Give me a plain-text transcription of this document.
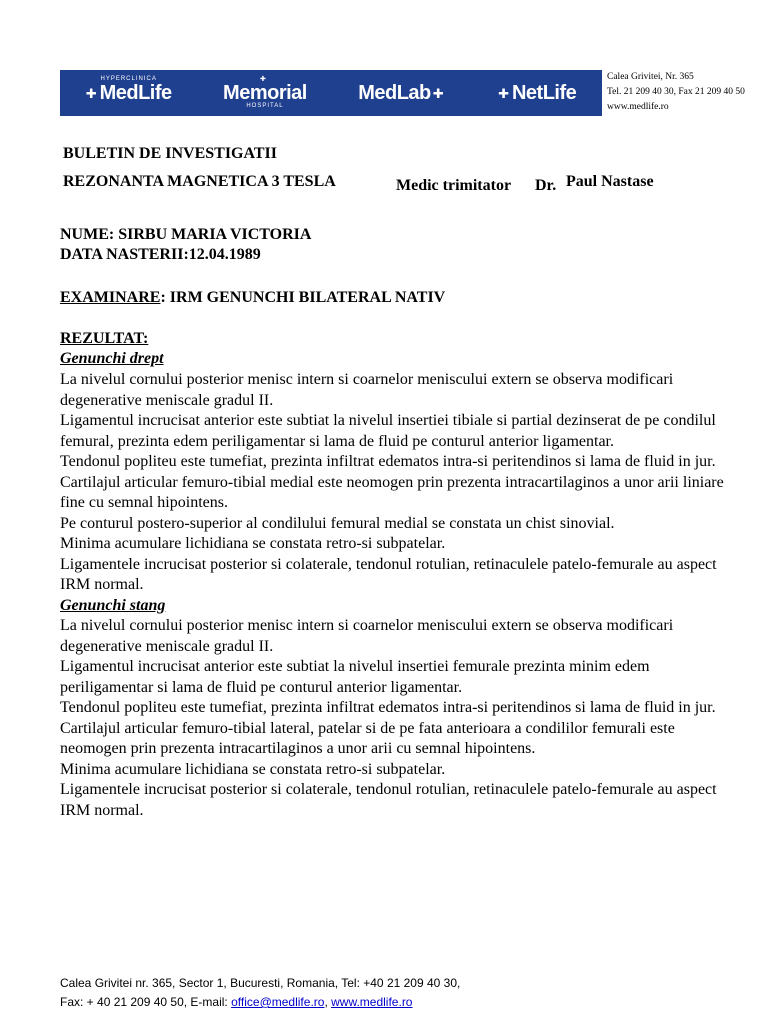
HYPERCLINICA
✚ MedLife
✚
Memorial
HOSPITAL
MedLab ✚	✚ NetLife
Calea Grivitei, Nr. 365
Tel. 21 209 40 30, Fax 21 209 40 50
www.medlife.ro
BULETIN DE INVESTIGATII
REZONANTA MAGNETICA 3 TESLA	Medic trimitator Dr. Paul Nastase
NUME: SIRBU MARIA VICTORIA
DATA NASTERII:12.04.1989
EXAMINARE: IRM GENUNCHI BILATERAL NATIV
REZULTAT:
Genunchi drept

La nivelul cornului posterior menisc intern si coarnelor meniscului extern se observa modificari degenerative meniscale gradul II.

Ligamentul incrucisat anterior este subtiat la nivelul insertiei tibiale si partial dezinserat de pe condilul femural, prezinta edem periligamentar si lama de fluid pe conturul anterior ligamentar.

Tendonul popliteu este tumefiat, prezinta infiltrat edematos intra-si peritendinos si lama de fluid in jur.

Cartilajul articular femuro-tibial medial este neomogen prin prezenta intracartilaginos a unor arii liniare fine cu semnal hipointens.

Pe conturul postero-superior al condilului femural medial se constata un chist sinovial.

Minima acumulare lichidiana se constata retro-si subpatelar.

Ligamentele incrucisat posterior si colaterale, tendonul rotulian, retinaculele patelo-femurale au aspect IRM normal.

Genunchi stang

La nivelul cornului posterior menisc intern si coarnelor meniscului extern se observa modificari degenerative meniscale gradul II.

Ligamentul incrucisat anterior este subtiat la nivelul insertiei femurale prezinta minim edem periligamentar si lama de fluid pe conturul anterior ligamentar.

Tendonul popliteu este tumefiat, prezinta infiltrat edematos intra-si peritendinos si lama de fluid in jur.

Cartilajul articular femuro-tibial lateral, patelar si de pe fata anterioara a condililor femurali este neomogen prin prezenta intracartilaginos a unor arii cu semnal hipointens.

Minima acumulare lichidiana se constata retro-si subpatelar.

Ligamentele incrucisat posterior si colaterale, tendonul rotulian, retinaculele patelo-femurale au aspect IRM normal.

Calea Grivitei nr. 365, Sector 1, Bucuresti, Romania, Tel: +40 21 209 40 30,
Fax: + 40 21 209 40 50, E-mail: office@medlife.ro, www.medlife.ro
